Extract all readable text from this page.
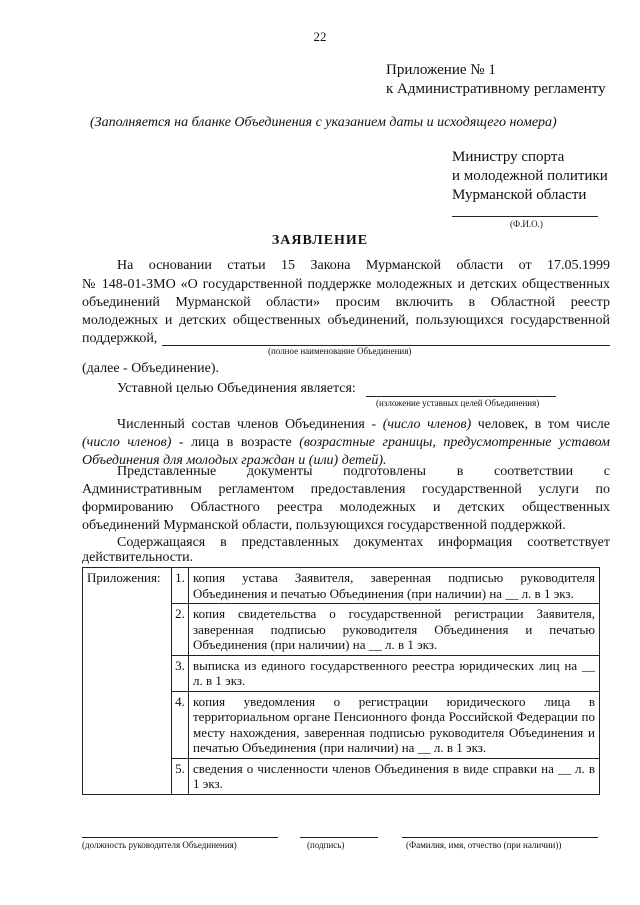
22
Приложение № 1
к Административному регламенту
(Заполняется на бланке Объединения с указанием даты и исходящего номера)
Министру спорта
и молодежной политики
Мурманской области
(Ф.И.О.)
ЗАЯВЛЕНИЕ
На основании статьи 15 Закона Мурманской области от 17.05.1999
№ 148-01-ЗМО «О государственной поддержке молодежных и детских общественных
объединений Мурманской области» просим включить в Областной реестр
молодежных и детских общественных объединений, пользующихся государственной
поддержкой,
(полное наименование Объединения)
(далее - Объединение).
Уставной целью Объединения является:
(изложение уставных целей Объединения)
Численный состав членов Объединения - (число членов) человек, в том числе
(число членов) - лица в возрасте (возрастные границы, предусмотренные уставом
Объединения для молодых граждан и (или) детей).
Представленные документы подготовлены в соответствии с
Административным регламентом предоставления государственной услуги по
формированию Областного реестра молодежных и детских общественных
объединений Мурманской области, пользующихся государственной поддержкой.
Содержащаяся в представленных документах информация соответствует
действительности.
Приложения:	1.	копия устава Заявителя, заверенная подписью руководителя Объединения и печатью Объединения (при наличии) на __ л. в 1 экз.
	2.	копия свидетельства о государственной регистрации Заявителя, заверенная подписью руководителя Объединения и печатью Объединения (при наличии) на __ л. в 1 экз.
	3.	выписка из единого государственного реестра юридических лиц на __ л. в 1 экз.
	4.	копия уведомления о регистрации юридического лица в территориальном органе Пенсионного фонда Российской Федерации по месту нахождения, заверенная подписью руководителя Объединения и печатью Объединения (при наличии) на __ л. в 1 экз.
	5.	сведения о численности членов Объединения в виде справки на __ л. в 1 экз.
(должность руководителя Объединения)	(подпись)	(Фамилия, имя, отчество (при наличии))
